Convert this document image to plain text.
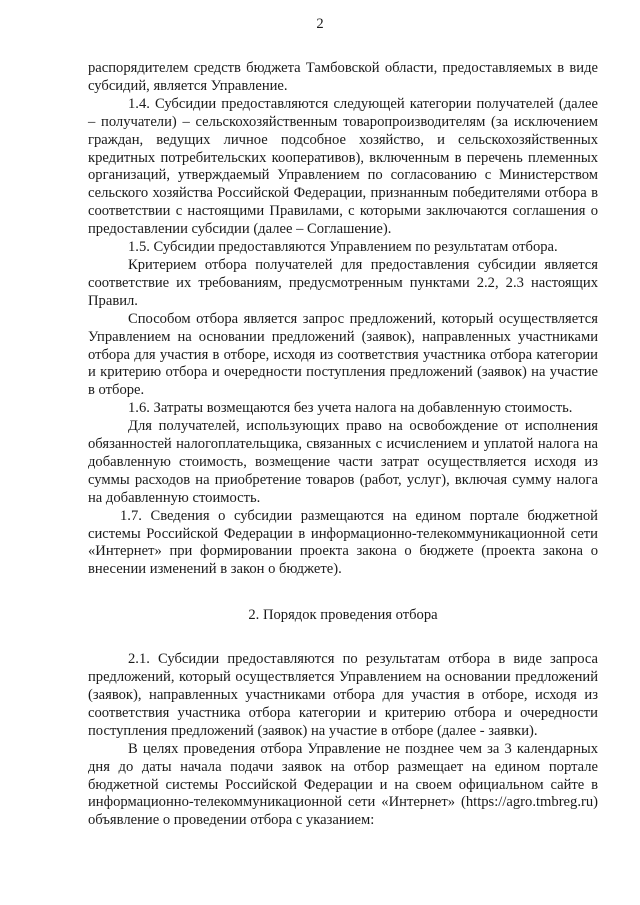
2

распорядителем средств бюджета Тамбовской области, предоставляемых в виде субсидий, является Управление.

1.4. Субсидии предоставляются следующей категории получателей (далее – получатели) – сельскохозяйственным товаропроизводителям (за исключением граждан, ведущих личное подсобное хозяйство, и сельскохозяйственных кредитных потребительских кооперативов), включенным в перечень племенных организаций, утверждаемый Управлением по согласованию с Министерством сельского хозяйства Российской Федерации, признанным победителями отбора в соответствии с настоящими Правилами, с которыми заключаются соглашения о предоставлении субсидии (далее – Соглашение).

1.5. Субсидии предоставляются Управлением по результатам отбора.

Критерием отбора получателей для предоставления субсидии является соответствие их требованиям, предусмотренным пунктами 2.2, 2.3 настоящих Правил.

Способом отбора является запрос предложений, который осуществляется Управлением на основании предложений (заявок), направленных участниками отбора для участия в отборе, исходя из соответствия участника отбора категории и критерию отбора и очередности поступления предложений (заявок) на участие в отборе.

1.6. Затраты возмещаются без учета налога на добавленную стоимость.

Для получателей, использующих право на освобождение от исполнения обязанностей налогоплательщика, связанных с исчислением и уплатой налога на добавленную стоимость, возмещение части затрат осуществляется исходя из суммы расходов на приобретение товаров (работ, услуг), включая сумму налога на добавленную стоимость.

1.7. Сведения о субсидии размещаются на едином портале бюджетной системы Российской Федерации в информационно-телекоммуникационной сети «Интернет» при формировании проекта закона о бюджете (проекта закона о внесении изменений в закон о бюджете).

2. Порядок проведения отбора

2.1. Субсидии предоставляются по результатам отбора в виде запроса предложений, который осуществляется Управлением на основании предложений (заявок), направленных участниками отбора для участия в отборе, исходя из соответствия участника отбора категории и критерию отбора и очередности поступления предложений (заявок) на участие в отборе (далее - заявки).

В целях проведения отбора Управление не позднее чем за 3 календарных дня до даты начала подачи заявок на отбор размещает на едином портале бюджетной системы Российской Федерации и на своем официальном сайте в информационно-телекоммуникационной сети «Интернет» (https://agro.tmbreg.ru) объявление о проведении отбора с указанием:
